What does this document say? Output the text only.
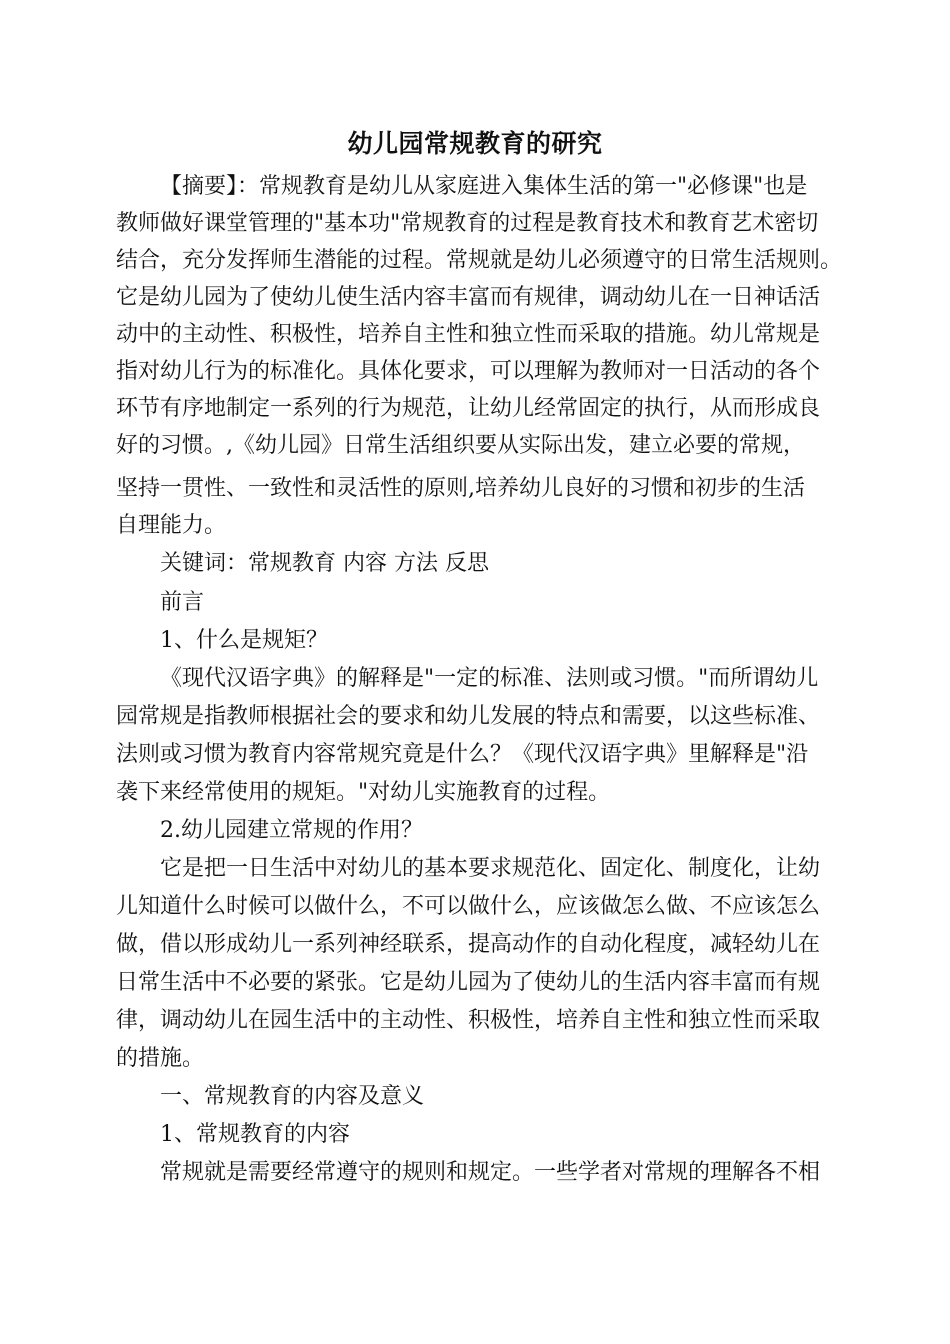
幼儿园常规教育的研究
【摘要】：常规教育是幼儿从家庭进入集体生活的第一"必修课"也是
教师做好课堂管理的"基本功"常规教育的过程是教育技术和教育艺术密切
结合，充分发挥师生潜能的过程。常规就是幼儿必须遵守的日常生活规则。
它是幼儿园为了使幼儿使生活内容丰富而有规律，调动幼儿在一日神话活
动中的主动性、积极性，培养自主性和独立性而采取的措施。幼儿常规是
指对幼儿行为的标准化。具体化要求，可以理解为教师对一日活动的各个
环节有序地制定一系列的行为规范，让幼儿经常固定的执行，从而形成良
好的习惯。,《幼儿园》日常生活组织要从实际出发，建立必要的常规，
坚持一贯性、一致性和灵活性的原则,培养幼儿良好的习惯和初步的生活
自理能力。
关键词：常规教育 内容 方法 反思
前言
1、什么是规矩？
《现代汉语字典》的解释是"一定的标准、法则或习惯。"而所谓幼儿
园常规是指教师根据社会的要求和幼儿发展的特点和需要，以这些标准、
法则或习惯为教育内容常规究竟是什么？《现代汉语字典》里解释是"沿
袭下来经常使用的规矩。"对幼儿实施教育的过程。
2.幼儿园建立常规的作用？
它是把一日生活中对幼儿的基本要求规范化、固定化、制度化，让幼
儿知道什么时候可以做什么，不可以做什么，应该做怎么做、不应该怎么
做，借以形成幼儿一系列神经联系，提高动作的自动化程度，减轻幼儿在
日常生活中不必要的紧张。它是幼儿园为了使幼儿的生活内容丰富而有规
律，调动幼儿在园生活中的主动性、积极性，培养自主性和独立性而采取
的措施。
一、常规教育的内容及意义
1、常规教育的内容
常规就是需要经常遵守的规则和规定。一些学者对常规的理解各不相
